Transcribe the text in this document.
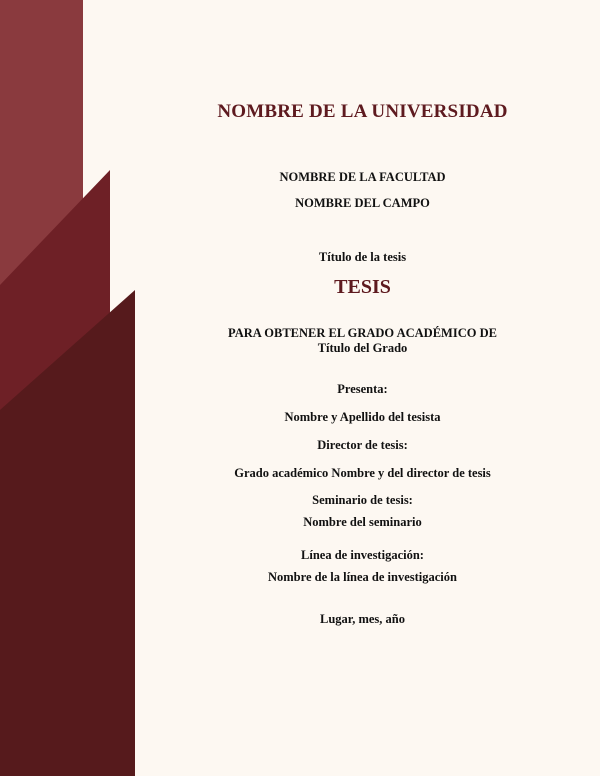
NOMBRE DE LA UNIVERSIDAD

NOMBRE DE LA FACULTAD

NOMBRE DEL CAMPO

Título de la tesis

TESIS

PARA OBTENER EL GRADO ACADÉMICO DE

Título del Grado

Presenta:

Nombre y Apellido del tesista

Director de tesis:

Grado académico Nombre y del director de tesis

Seminario de tesis:

Nombre del seminario

Línea de investigación:

Nombre de la línea de investigación

Lugar, mes, año
